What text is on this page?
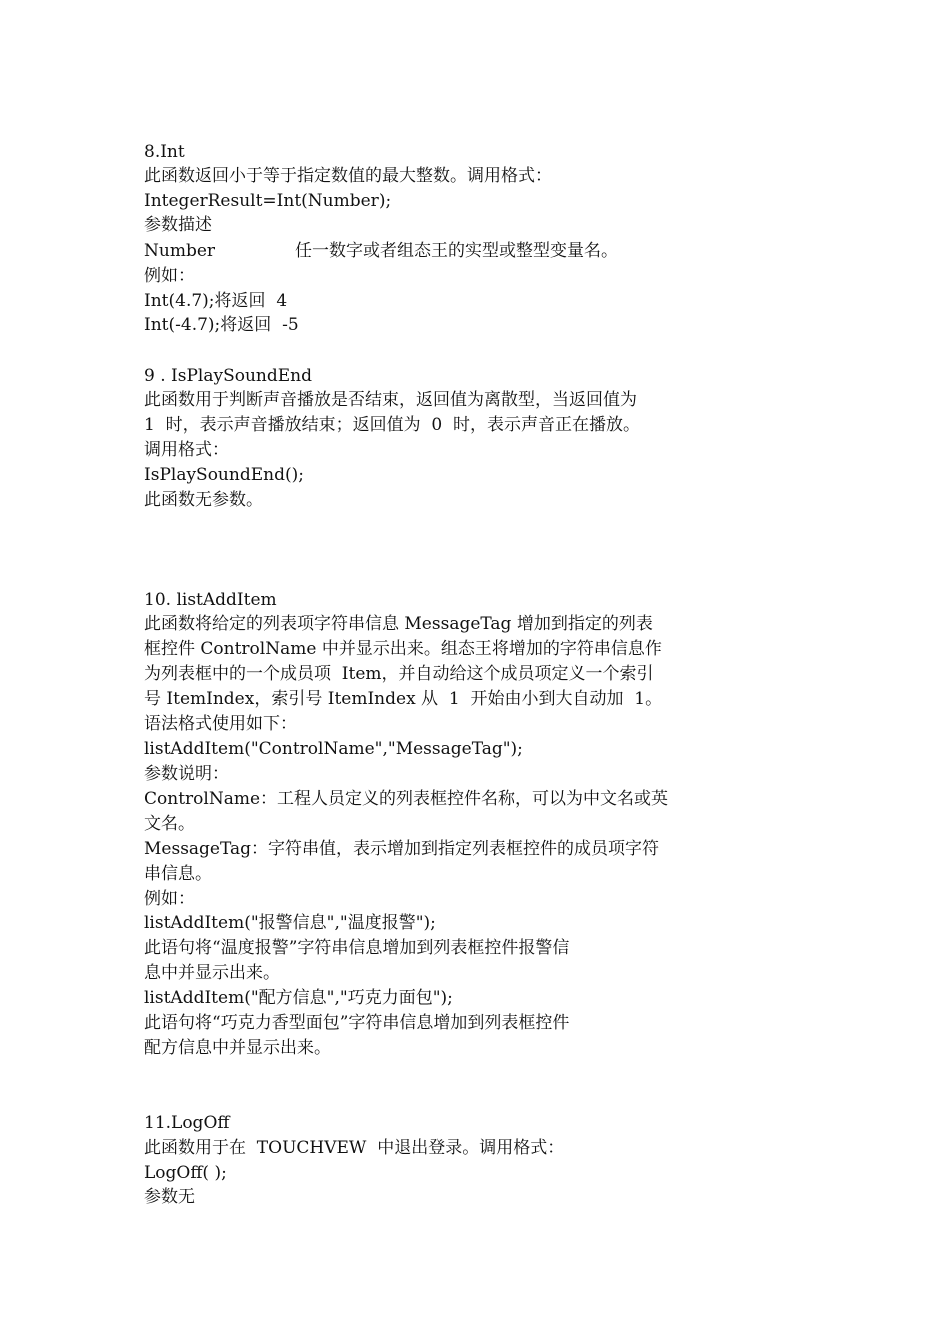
8.Int
此函数返回小于等于指定数值的最大整数。调用格式：
IntegerResult=Int(Number);
参数描述
Number	任一数字或者组态王的实型或整型变量名。
例如：
Int(4.7);将返回  4
Int(-4.7);将返回  -5
9 . IsPlaySoundEnd
此函数用于判断声音播放是否结束，返回值为离散型，当返回值为
1  时，表示声音播放结束；返回值为  0  时，表示声音正在播放。
调用格式：
IsPlaySoundEnd();
此函数无参数。
10. listAddItem
此函数将给定的列表项字符串信息 MessageTag 增加到指定的列表
框控件 ControlName 中并显示出来。组态王将增加的字符串信息作
为列表框中的一个成员项  Item，并自动给这个成员项定义一个索引
号 ItemIndex，索引号 ItemIndex 从  1  开始由小到大自动加  1。
语法格式使用如下：
listAddItem("ControlName","MessageTag");
参数说明：
ControlName：工程人员定义的列表框控件名称，可以为中文名或英
文名。
MessageTag：字符串值，表示增加到指定列表框控件的成员项字符
串信息。
例如：
listAddItem("报警信息","温度报警");
此语句将“温度报警”字符串信息增加到列表框控件报警信
息中并显示出来。
listAddItem("配方信息","巧克力面包");
此语句将“巧克力香型面包”字符串信息增加到列表框控件
配方信息中并显示出来。
11.LogOff
此函数用于在  TOUCHVEW  中退出登录。调用格式：
LogOff( );
参数无
